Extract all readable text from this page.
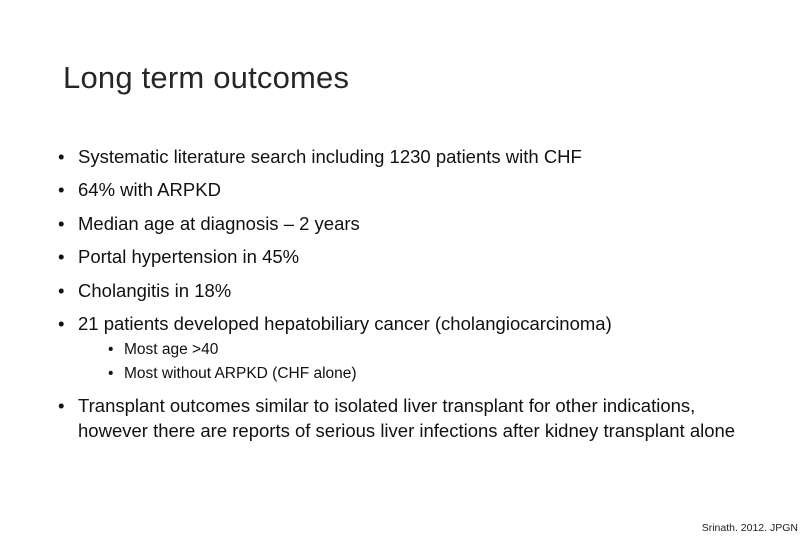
Long term outcomes
• Systematic literature search including 1230 patients with CHF
• 64% with ARPKD
• Median age at diagnosis – 2 years
• Portal hypertension in 45%
• Cholangitis in 18%
• 21 patients developed hepatobiliary cancer (cholangiocarcinoma)
• Most age >40
• Most without ARPKD (CHF alone)
• Transplant outcomes similar to isolated liver transplant for other indications, however there are reports of serious liver infections after kidney transplant alone
Srinath. 2012. JPGN
